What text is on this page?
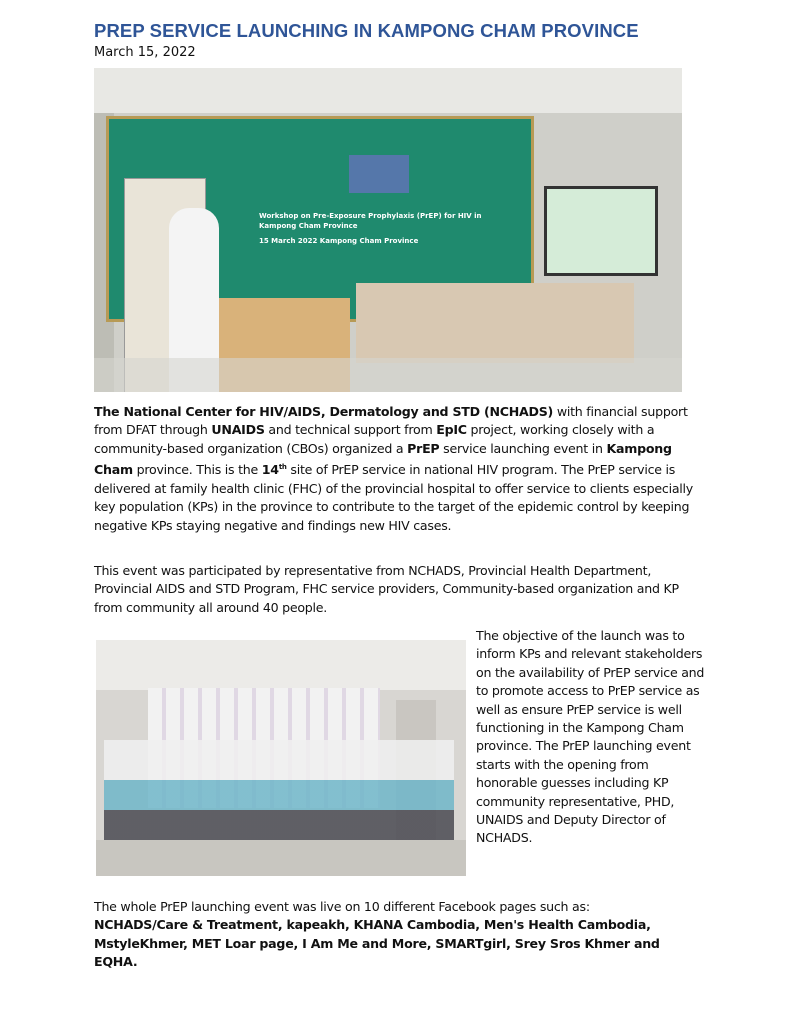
PREP SERVICE LAUNCHING IN KAMPONG CHAM PROVINCE
March 15, 2022
Workshop on Pre-Exposure Prophylaxis (PrEP) for HIV in Kampong Cham Province
15 March 2022 Kampong Cham Province
The National Center for HIV/AIDS, Dermatology and STD (NCHADS) with financial support from DFAT through UNAIDS and technical support from EpIC project, working closely with a community-based organization (CBOs) organized a PrEP service launching event in Kampong Cham province. This is the 14th site of PrEP service in national HIV program. The PrEP service is delivered at family health clinic (FHC) of the provincial hospital to offer service to clients especially key population (KPs) in the province to contribute to the target of the epidemic control by keeping negative KPs staying negative and findings new HIV cases.
This event was participated by representative from NCHADS, Provincial Health Department, Provincial AIDS and STD Program, FHC service providers, Community-based organization and KP from community all around 40 people.
The objective of the launch was to inform KPs and relevant stakeholders on the availability of PrEP service and to promote access to PrEP service as well as ensure PrEP service is well functioning in the Kampong Cham province. The PrEP launching event starts with the opening from honorable guesses including KP community representative, PHD, UNAIDS and Deputy Director of NCHADS.
The whole PrEP launching event was live on 10 different Facebook pages such as:
NCHADS/Care & Treatment, kapeakh, KHANA Cambodia, Men's Health Cambodia, MstyleKhmer, MET Loar page, I Am Me and More, SMARTgirl, Srey Sros Khmer and EQHA.
